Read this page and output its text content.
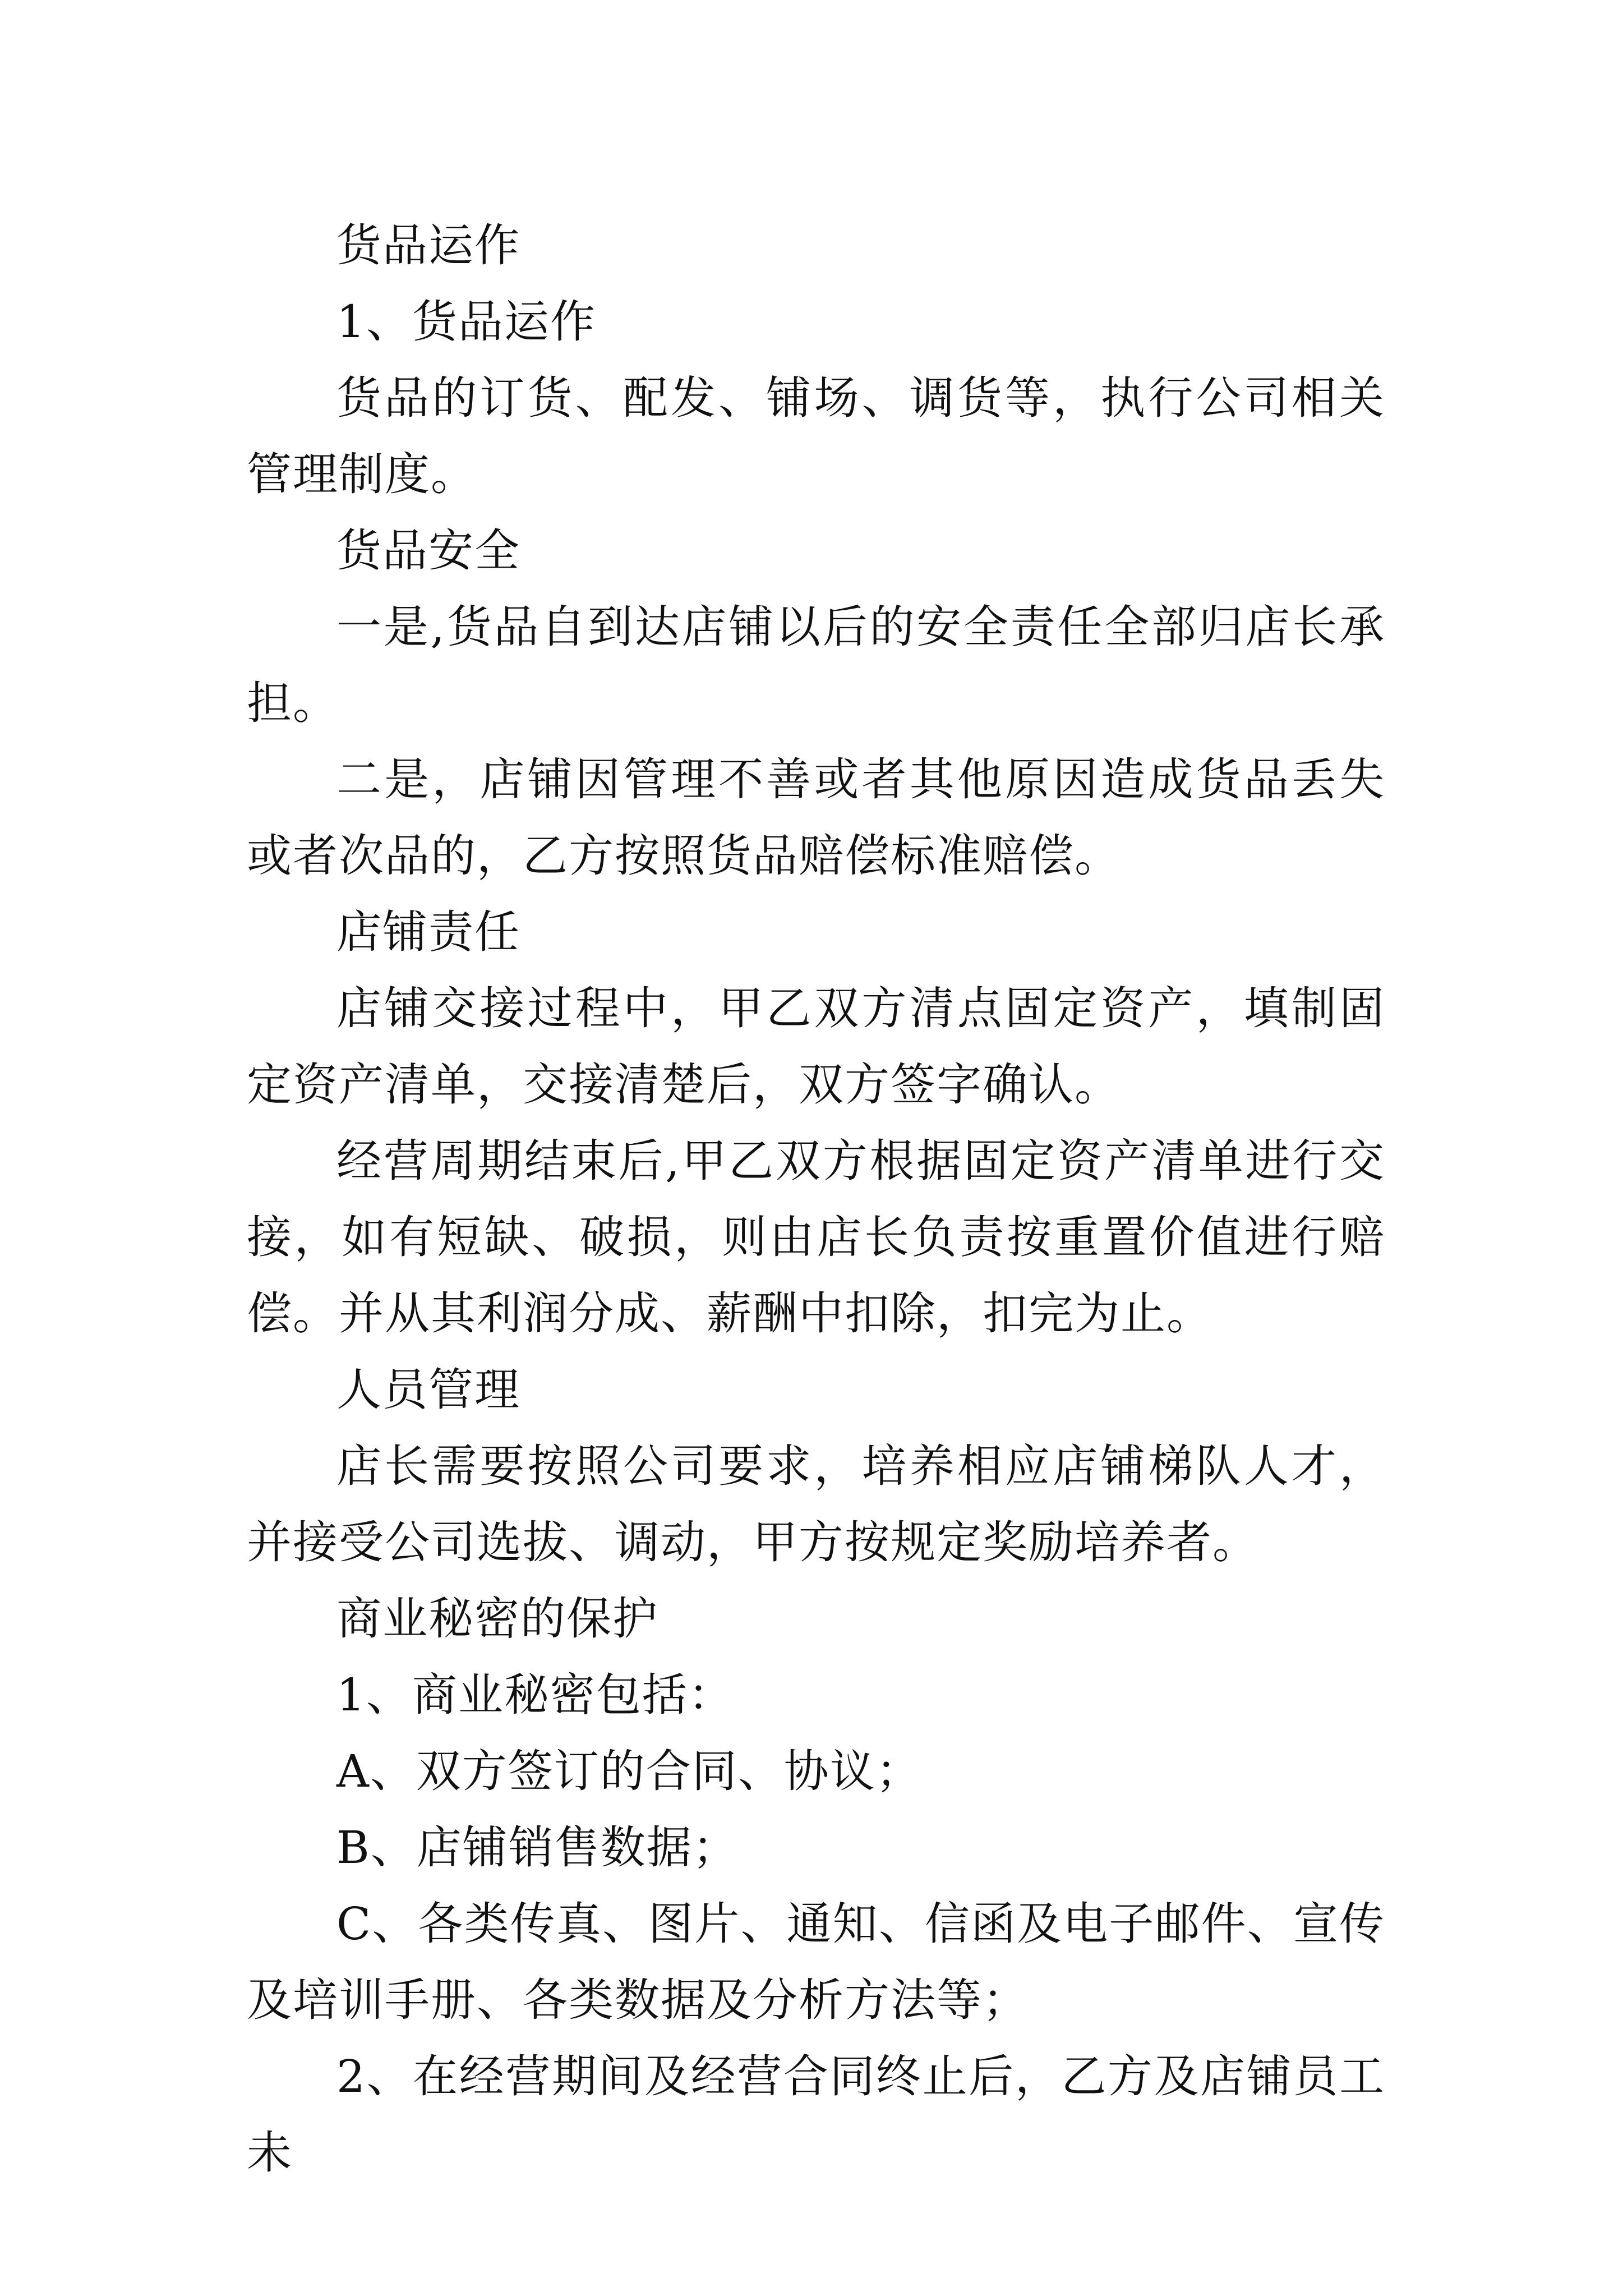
货品运作

1、货品运作

货品的订货、配发、铺场、调货等，执行公司相关管理制度。

货品安全

一是,货品自到达店铺以后的安全责任全部归店长承担。

二是，店铺因管理不善或者其他原因造成货品丢失或者次品的，乙方按照货品赔偿标准赔偿。

店铺责任

店铺交接过程中，甲乙双方清点固定资产，填制固定资产清单，交接清楚后，双方签字确认。

经营周期结束后,甲乙双方根据固定资产清单进行交接，如有短缺、破损，则由店长负责按重置价值进行赔偿。并从其利润分成、薪酬中扣除，扣完为止。

人员管理

店长需要按照公司要求，培养相应店铺梯队人才，并接受公司选拔、调动，甲方按规定奖励培养者。

商业秘密的保护

1、商业秘密包括：

A、双方签订的合同、协议；

B、店铺销售数据；

C、各类传真、图片、通知、信函及电子邮件、宣传及培训手册、各类数据及分析方法等；

2、在经营期间及经营合同终止后，乙方及店铺员工未
